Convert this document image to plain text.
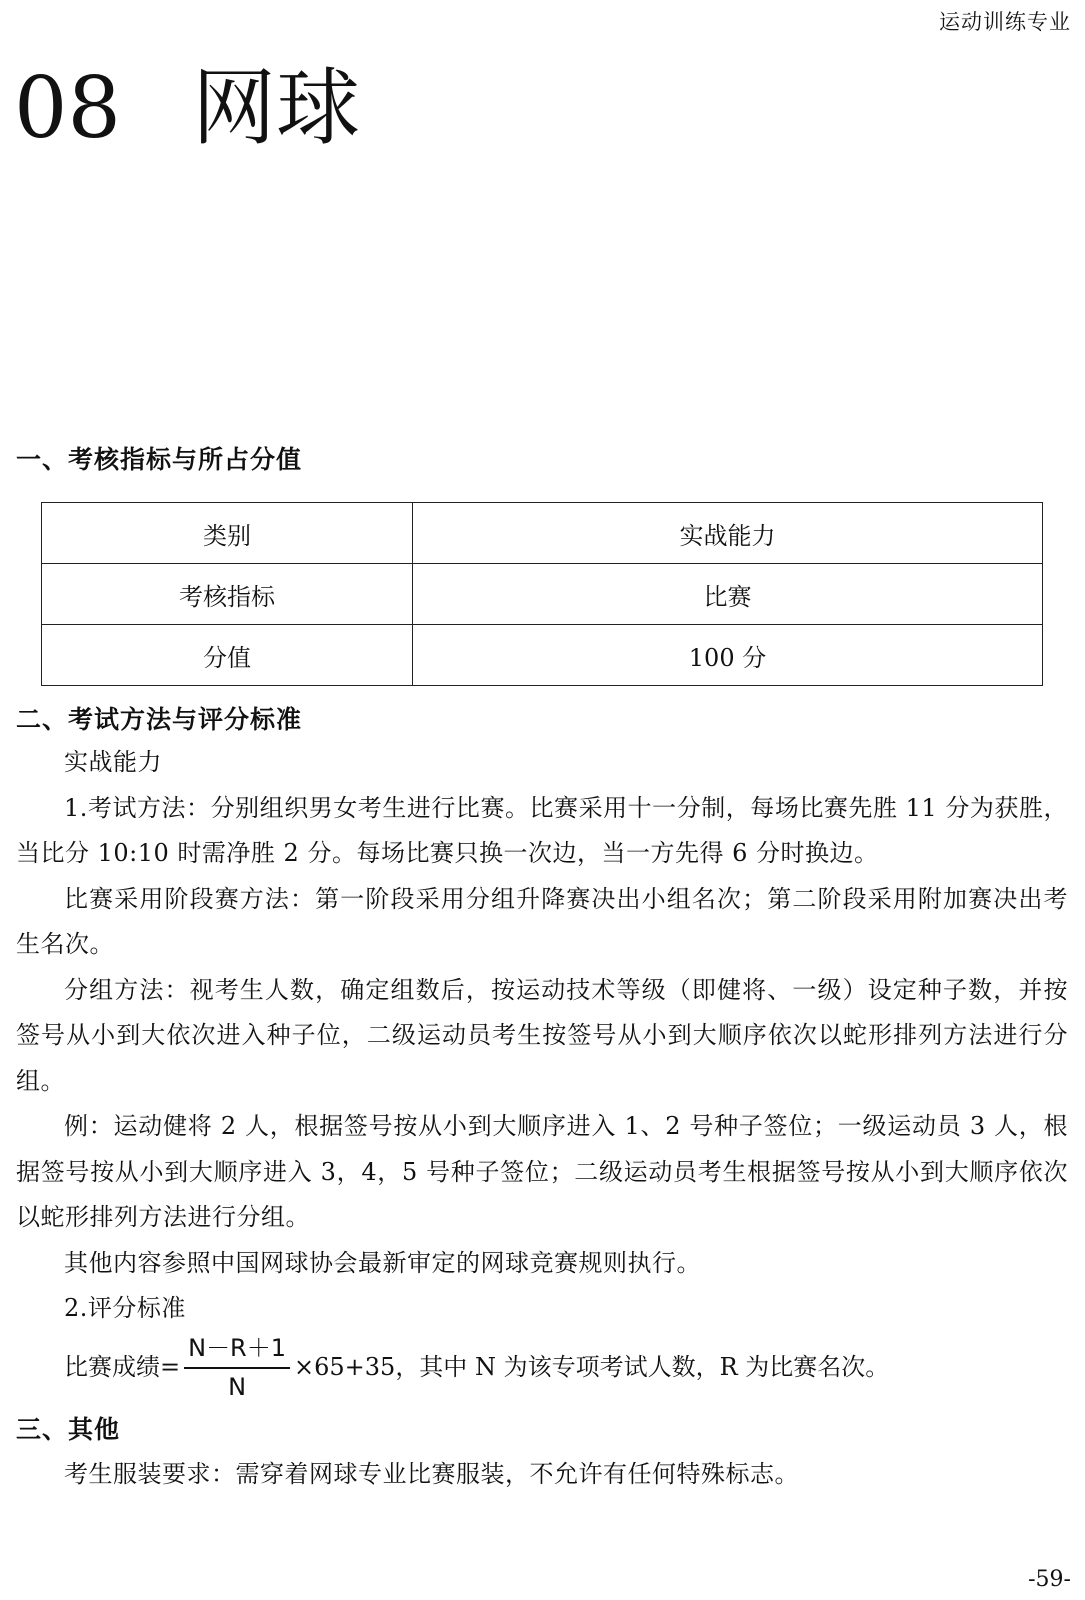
运动训练专业
08 网球
一、考核指标与所占分值
类别	实战能力
考核指标	比赛
分值	100 分
二、考试方法与评分标准
实战能力

1.考试方法：分别组织男女考生进行比赛。比赛采用十一分制，每场比赛先胜 11 分为获胜，当比分 10:10 时需净胜 2 分。每场比赛只换一次边，当一方先得 6 分时换边。

比赛采用阶段赛方法：第一阶段采用分组升降赛决出小组名次；第二阶段采用附加赛决出考生名次。

分组方法：视考生人数，确定组数后，按运动技术等级（即健将、一级）设定种子数，并按签号从小到大依次进入种子位，二级运动员考生按签号从小到大顺序依次以蛇形排列方法进行分组。

例：运动健将 2 人，根据签号按从小到大顺序进入 1、2 号种子签位；一级运动员 3 人，根据签号按从小到大顺序进入 3，4，5 号种子签位；二级运动员考生根据签号按从小到大顺序依次以蛇形排列方法进行分组。

其他内容参照中国网球协会最新审定的网球竞赛规则执行。

2.评分标准
比赛成绩= $\frac{N-R+1}{N} \times 65+35$，其中 N 为该专项考试人数，R 为比赛名次。
三、其他

考生服装要求：需穿着网球专业比赛服装，不允许有任何特殊标志。

-59-
